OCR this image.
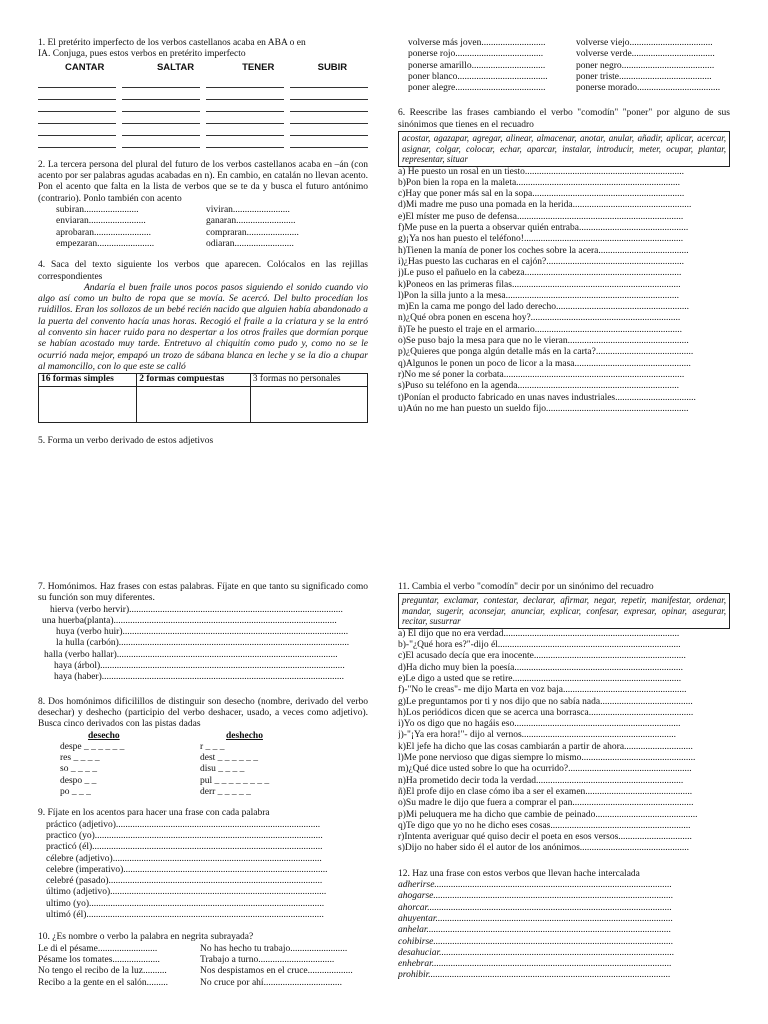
1. El pretérito imperfecto de los verbos castellanos acaba en ABA o en
ÍA. Conjuga, pues estos verbos en pretérito imperfecto
CANTAR	SALTAR	TENER	SUBIR
2. La tercera persona del plural del futuro de los verbos castellanos acaba en –án (con acento por ser palabras agudas acabadas en n). En cambio, en catalán no llevan acento. Pon el acento que falta en la lista de verbos que se te da y busca el futuro antónimo (contrario). Ponlo también con acento
subiran.......................	viviran........................
enviaran........................	ganaran.........................
aprobaran........................	compraran......................
empezaran........................	odiaran.........................
4. Saca del texto siguiente los verbos que aparecen. Colócalos en las rejillas correspondientes
Andaría el buen fraile unos pocos pasos siguiendo el sonido cuando vio algo así como un bulto de ropa que se movía. Se acercó. Del bulto procedían los ruidillos. Eran los sollozos de un bebé recién nacido que alguien había abandonado a la puerta del convento hacía unas horas. Recogió el fraile a la criatura y se la entró al convento sin hacer ruido para no despertar a los otros frailes que dormían porque se habían acostado muy tarde. Entretuvo al chiquitín como pudo y, como no se le ocurrió nada mejor, empapó un trozo de sábana blanca en leche y se la dio a chupar al mamoncillo, con lo que este se calló
16 formas simples	2 formas compuestas	3 formas no personales

5. Forma un verbo derivado de estos adjetivos
volverse más joven...........................	volverse viejo...................................
ponerse rojo.....................................	volverse verde...................................
ponerse amarillo...............................	poner negro.......................................
poner blanco......................................	poner triste.......................................
poner alegre......................................	ponerse morado...................................
6. Reescribe las frases cambiando el verbo "comodín" "poner" por alguno de sus sinónimos que tienes en el recuadro
acostar, agazapar, agregar, alinear, almacenar, anotar, anular, añadir, aplicar, acercar, asignar, colgar, colocar, echar, aparcar, instalar, introducir, meter, ocupar, plantar, representar, situar
a) He puesto un rosal en un tiesto...................................................................
b)Pon bien la ropa en la maleta.....................................................................
c)Hay que poner más sal en la sopa................................................................
d)Mi madre me puso una pomada en la herida..................................................
e)El míster me puso de defensa......................................................................
f)Me puse en la puerta a observar quién entraba..............................................
g)¡Ya nos han puesto el teléfono!...................................................................
h)Tienen la manía de poner los coches sobre la acera......................................
i)¿Has puesto las cucharas en el cajón?..........................................................
j)Le puso el pañuelo en la cabeza..................................................................
k)Poneos en las primeras filas.......................................................................
l)Pon la silla junto a la mesa.........................................................................
m)En la cama me pongo del lado derecho........................................................
n)¿Qué obra ponen en escena hoy?...............................................................
ñ)Te he puesto el traje en el armario..............................................................
o)Se puso bajo la mesa para que no le vieran...................................................
p)¿Quieres que ponga algún detalle más en la carta?.........................................
q)Algunos le ponen un poco de licor a la masa.................................................
r)No me sé poner la corbata............................................................................
s)Puso su teléfono en la agenda....................................................................
t)Ponían el producto fabricado en unas naves industriales..................................
u)Aún no me han puesto un sueldo fijo............................................................
7. Homónimos. Haz frases con estas palabras. Fíjate en que tanto su significado como su función son muy diferentes.
hierva (verbo hervir)..........................................................................................
una huerba(planta)..............................................................................................
huya (verbo huir)...............................................................................................
la hulla (carbón).................................................................................................
halla (verbo hallar).............................................................................................
haya (árbol).......................................................................................................
haya (haber)......................................................................................................
8. Dos homónimos dificilillos de distinguir son desecho (nombre, derivado del verbo desechar) y deshecho (participio del verbo deshacer, usado, a veces como adjetivo). Busca cinco derivados con las pistas dadas
desecho	deshecho
despe _ _ _ _ _ _	r _ _ _
res _ _ _ _	dest _ _ _ _ _ _
so _ _ _ _	disu _ _ _ _
despo _ _	pul _ _ _ _ _ _ _ _
po _ _ _	derr _ _ _ _ _
9. Fíjate en los acentos para hacer una frase con cada palabra
práctico (adjetivo)......................................................................................
practico (yo)................................................................................................
practicó (él).................................................................................................
célebre (adjetivo)........................................................................................
celebre (imperativo)......................................................................................
celebré (pasado)..........................................................................................
último (adjetivo)...........................................................................................
ultimo (yo)...................................................................................................
ultimó (él)....................................................................................................
10. ¿Es nombre o verbo la palabra en negrita subrayada?
Le di el pésame.........................	No has hecho tu trabajo........................
Pésame los tomates....................	Trabajo a turno................................
No tengo el recibo de la luz..........	Nos despistamos en el cruce...................
Recibo a la gente en el salón.........	No cruce por ahí.................................
11. Cambia el verbo "comodín" decir por un sinónimo del recuadro
preguntar, exclamar, contestar, declarar, afirmar, negar, repetir, manifestar, ordenar, mandar, sugerir, aconsejar, anunciar, explicar, confesar, expresar, opinar, asegurar, recitar, susurrar
a) Él dijo que no era verdad..........................................................................
b)-"¿Qué hora es?"-dijo él.............................................................................
c)El acusado decía que era inocente................................................................
d)Ha dicho muy bien la poesía.......................................................................
e)Le digo a usted que se retire.......................................................................
f)-"No le creas"- me dijo Marta en voz baja....................................................
g)Le preguntamos por ti y nos dijo que no sabía nada.......................................
h)Los periódicos dicen que se acerca una borrasca............................................
i)Yo os digo que no hagáis eso......................................................................
j)-"¡Ya era hora!"- dijo al vernos.................................................................
k)El jefe ha dicho que las cosas cambiarán a partir de ahora.............................
l)Me pone nervioso que digas siempre lo mismo................................................
m)¿Qué dice usted sobre lo que ha ocurrido?....................................................
n)Ha prometido decir toda la verdad..............................................................
ñ)El profe dijo en clase cómo iba a ser el examen.............................................
o)Su madre le dijo que fuera a comprar el pan...................................................
p)Mi peluquera me ha dicho que cambie de peinado...........................................
q)Te digo que yo no he dicho eses cosas...........................................................
r)Intenta averiguar qué quiso decir el poeta en esos versos...............................
s)Dijo no haber sido él el autor de los anónimos..............................................
12. Haz una frase con estos verbos que llevan hache intercalada
adherirse....................................................................................................
ahogarse.....................................................................................................
ahorcar.......................................................................................................
ahuyentar....................................................................................................
anhelar.......................................................................................................
cohibirse.....................................................................................................
desahuciar...................................................................................................
enhebrar.....................................................................................................
prohibir......................................................................................................
